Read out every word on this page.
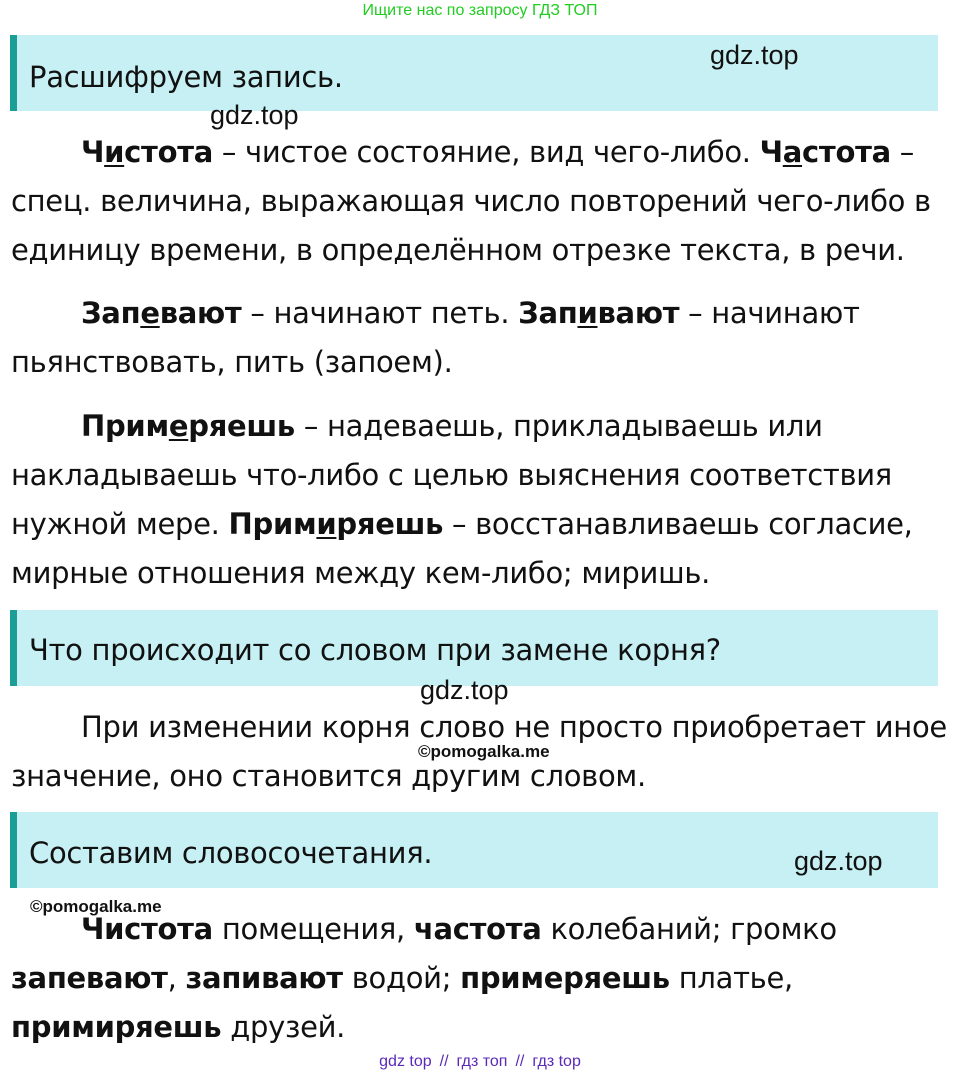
Ищите нас по запросу ГДЗ ТОП
Расшифруем запись.
gdz.top
gdz.top

Чистота – чистое состояние, вид чего-либо. Частота – спец. величина, выражающая число повторений чего-либо в единицу времени, в определённом отрезке текста, в речи.

Запевают – начинают петь. Запивают – начинают пьянствовать, пить (запоем).

Примеряешь – надеваешь, прикладываешь или накладываешь что-либо с целью выяснения соответствия нужной мере. Примиряешь – восстанавливаешь согласие, мирные отношения между кем-либо; миришь.

Что происходит со словом при замене корня?
gdz.top

При изменении корня слово не просто приобретает иное значение, оно становится другим словом.

©pomogalka.me
Составим словосочетания.	gdz.top
©pomogalka.me

Чистота помещения, частота колебаний; громко запевают, запивают водой; примеряешь платье, примиряешь друзей.

gdz top // гдз топ // гдз top
